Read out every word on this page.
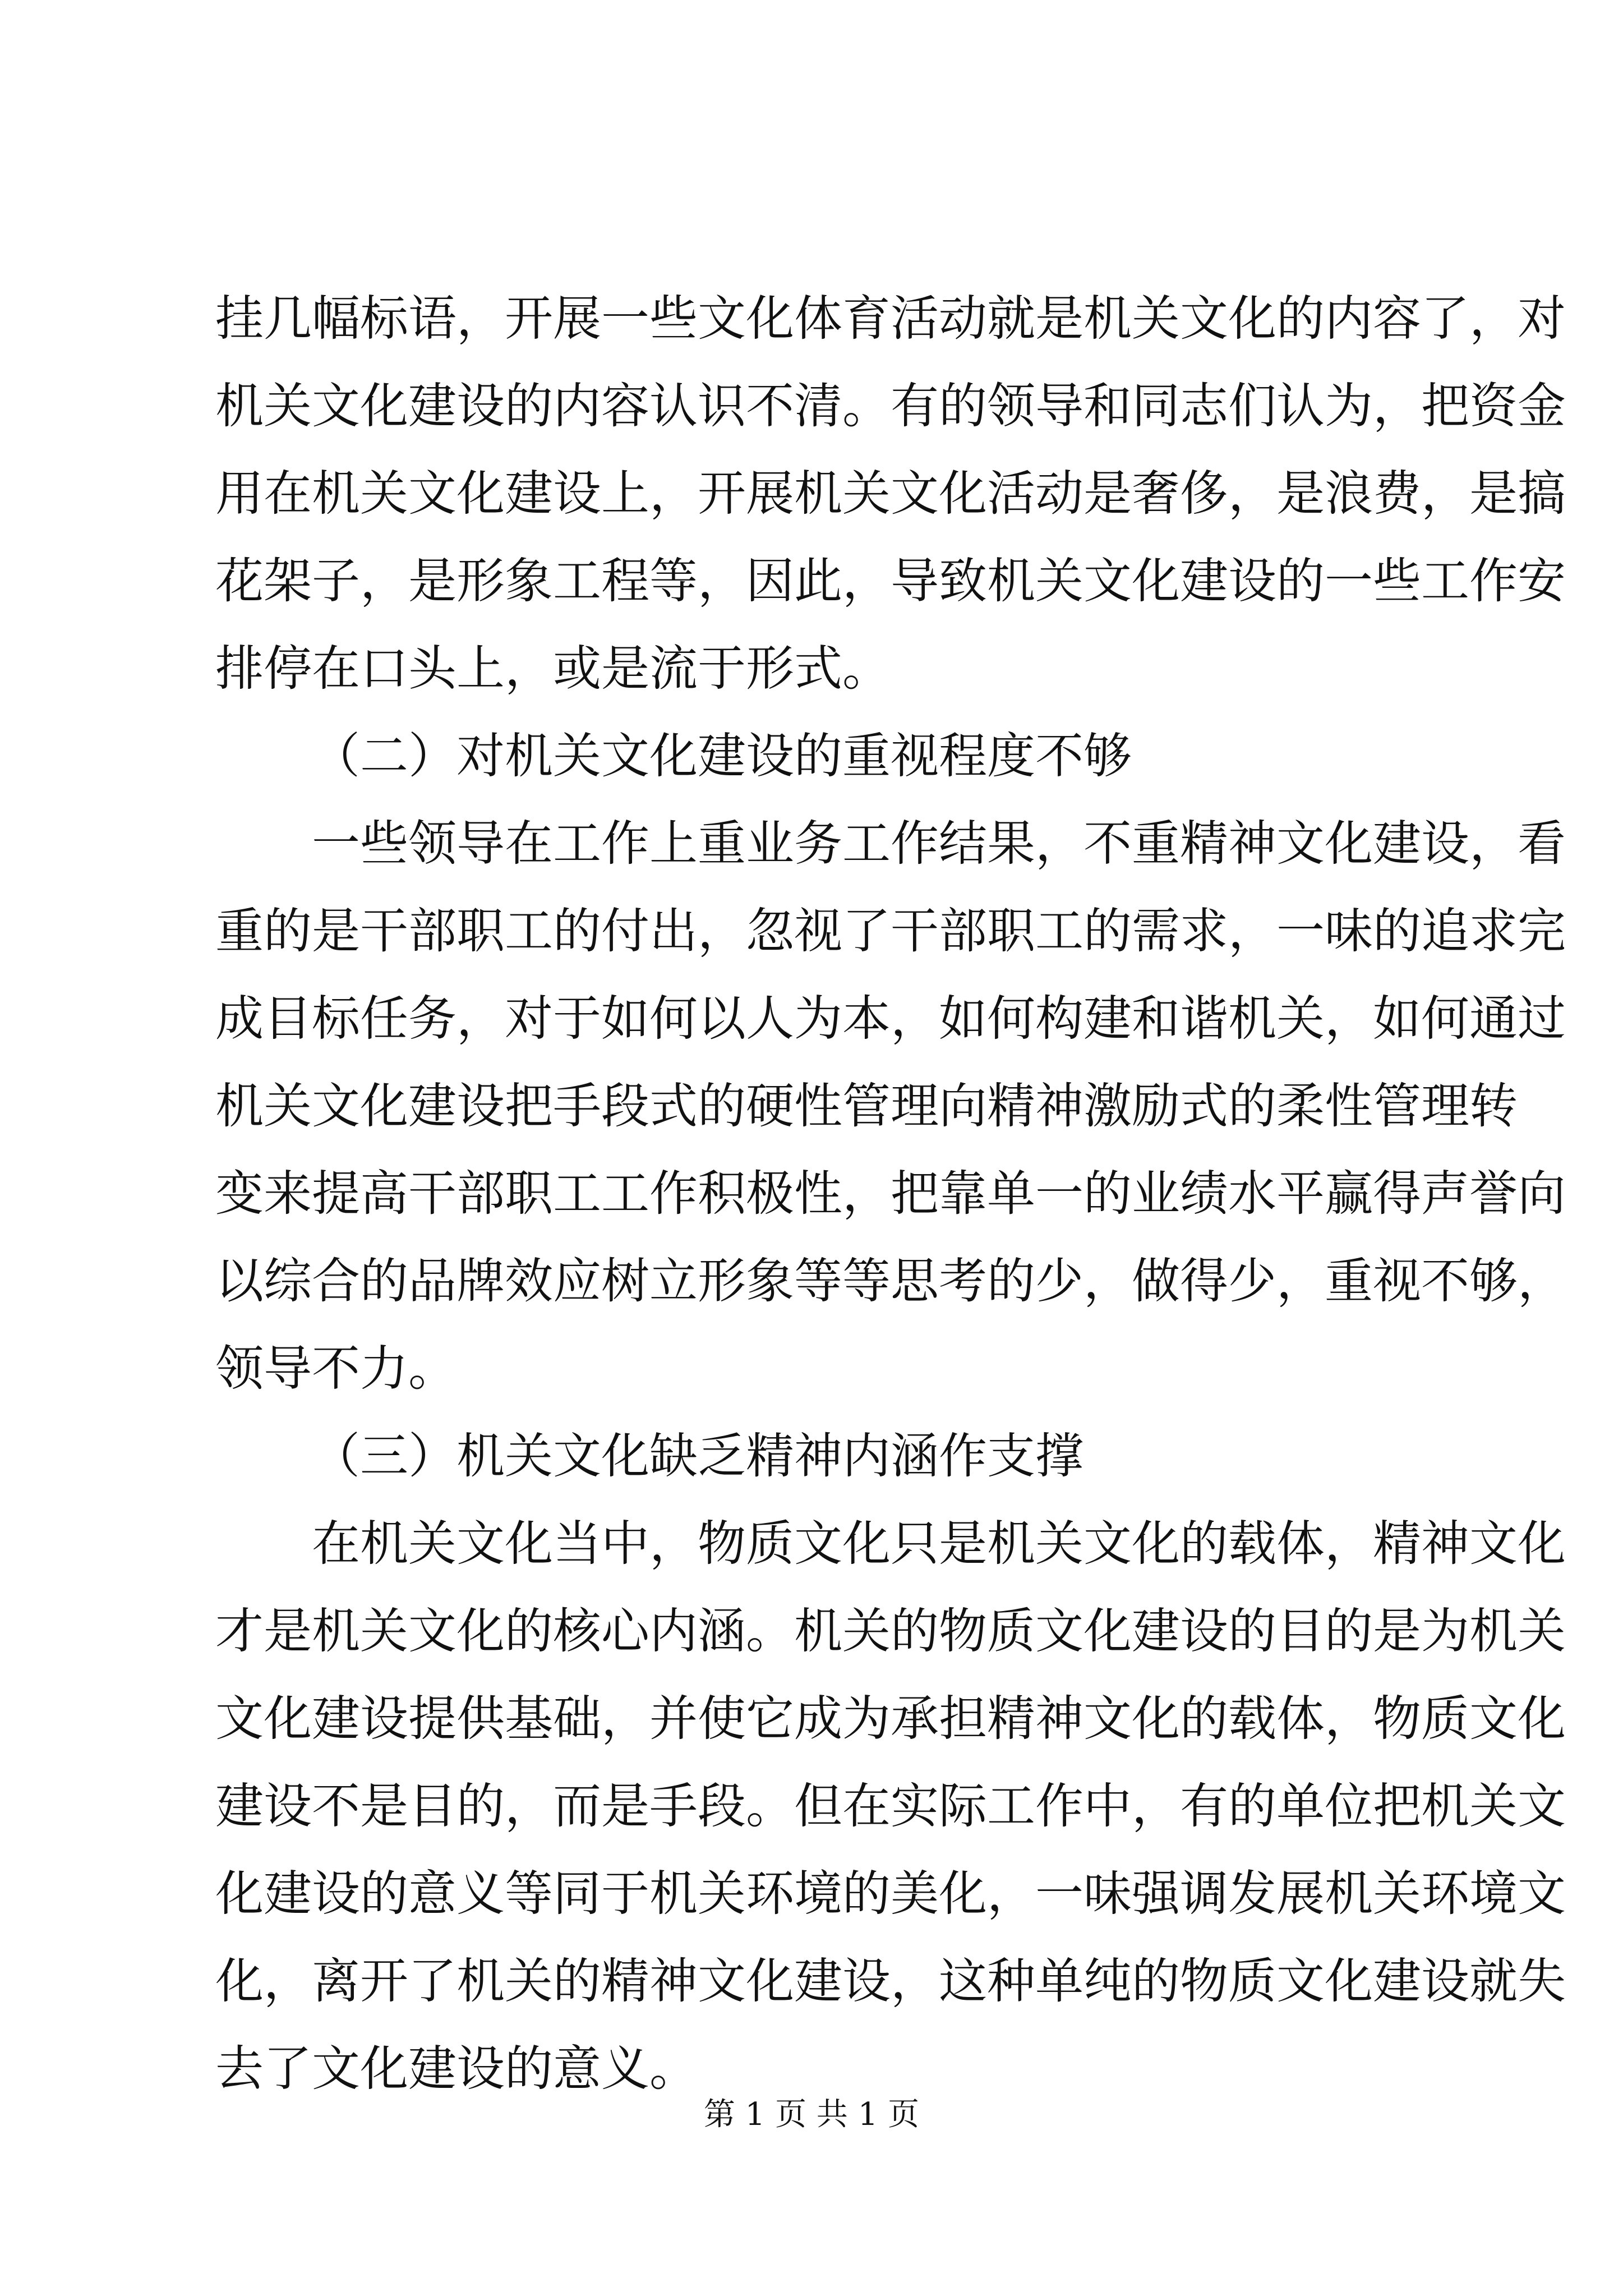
挂几幅标语，开展一些文化体育活动就是机关文化的内容了，对
机关文化建设的内容认识不清。有的领导和同志们认为，把资金
用在机关文化建设上，开展机关文化活动是奢侈，是浪费，是搞
花架子，是形象工程等，因此，导致机关文化建设的一些工作安
排停在口头上，或是流于形式。
（二）对机关文化建设的重视程度不够
一些领导在工作上重业务工作结果，不重精神文化建设，看
重的是干部职工的付出，忽视了干部职工的需求，一味的追求完
成目标任务，对于如何以人为本，如何构建和谐机关，如何通过
机关文化建设把手段式的硬性管理向精神激励式的柔性管理转
变来提高干部职工工作积极性，把靠单一的业绩水平赢得声誉向
以综合的品牌效应树立形象等等思考的少，做得少，重视不够，
领导不力。
（三）机关文化缺乏精神内涵作支撑
在机关文化当中，物质文化只是机关文化的载体，精神文化
才是机关文化的核心内涵。机关的物质文化建设的目的是为机关
文化建设提供基础，并使它成为承担精神文化的载体，物质文化
建设不是目的，而是手段。但在实际工作中，有的单位把机关文
化建设的意义等同于机关环境的美化，一味强调发展机关环境文
化，离开了机关的精神文化建设，这种单纯的物质文化建设就失
去了文化建设的意义。
第 1 页 共 1 页
